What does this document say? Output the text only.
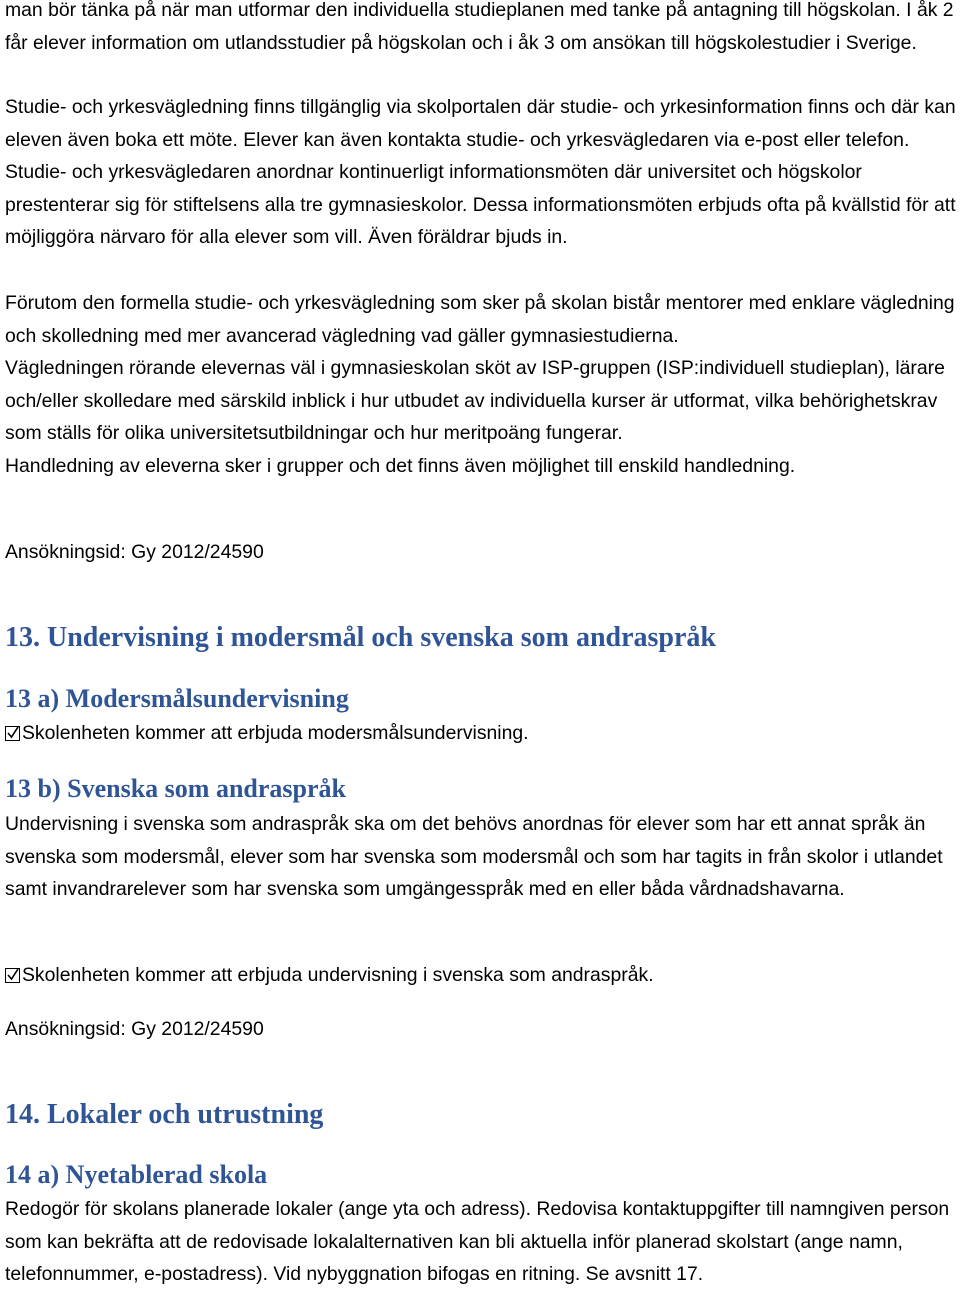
man bör tänka på när man utformar den individuella studieplanen med tanke på antagning till högskolan. I åk 2 får elever information om utlandsstudier på högskolan och i åk 3 om ansökan till högskolestudier i Sverige.

Studie- och yrkesvägledning finns tillgänglig via skolportalen där studie- och yrkesinformation finns och där kan eleven även boka ett möte. Elever kan även kontakta studie- och yrkesvägledaren via e-post eller telefon. Studie- och yrkesvägledaren anordnar kontinuerligt informationsmöten där universitet och högskolor prestenterar sig för stiftelsens alla tre gymnasieskolor. Dessa informationsmöten erbjuds ofta på kvällstid för att möjliggöra närvaro för alla elever som vill. Även föräldrar bjuds in.

Förutom den formella studie- och yrkesvägledning som sker på skolan bistår mentorer med enklare vägledning och skolledning med mer avancerad vägledning vad gäller gymnasiestudierna.

Vägledningen rörande elevernas väl i gymnasieskolan sköt av ISP-gruppen (ISP:individuell studieplan), lärare och/eller skolledare med särskild inblick i hur utbudet av individuella kurser är utformat, vilka behörighetskrav som ställs för olika universitetsutbildningar och hur meritpoäng fungerar.

Handledning av eleverna sker i grupper och det finns även möjlighet till enskild handledning.

Ansökningsid: Gy 2012/24590

13. Undervisning i modersmål och svenska som andraspråk
13 a) Modersmålsundervisning
Skolenheten kommer att erbjuda modersmålsundervisning.
13 b) Svenska som andraspråk

Undervisning i svenska som andraspråk ska om det behövs anordnas för elever som har ett annat språk än svenska som modersmål, elever som har svenska som modersmål och som har tagits in från skolor i utlandet samt invandrarelever som har svenska som umgängesspråk med en eller båda vårdnadshavarna.

Skolenheten kommer att erbjuda undervisning i svenska som andraspråk.

Ansökningsid: Gy 2012/24590

14. Lokaler och utrustning
14 a) Nyetablerad skola

Redogör för skolans planerade lokaler (ange yta och adress). Redovisa kontaktuppgifter till namngiven person som kan bekräfta att de redovisade lokalalternativen kan bli aktuella inför planerad skolstart (ange namn, telefonnummer, e-postadress). Vid nybyggnation bifogas en ritning. Se avsnitt 17.
